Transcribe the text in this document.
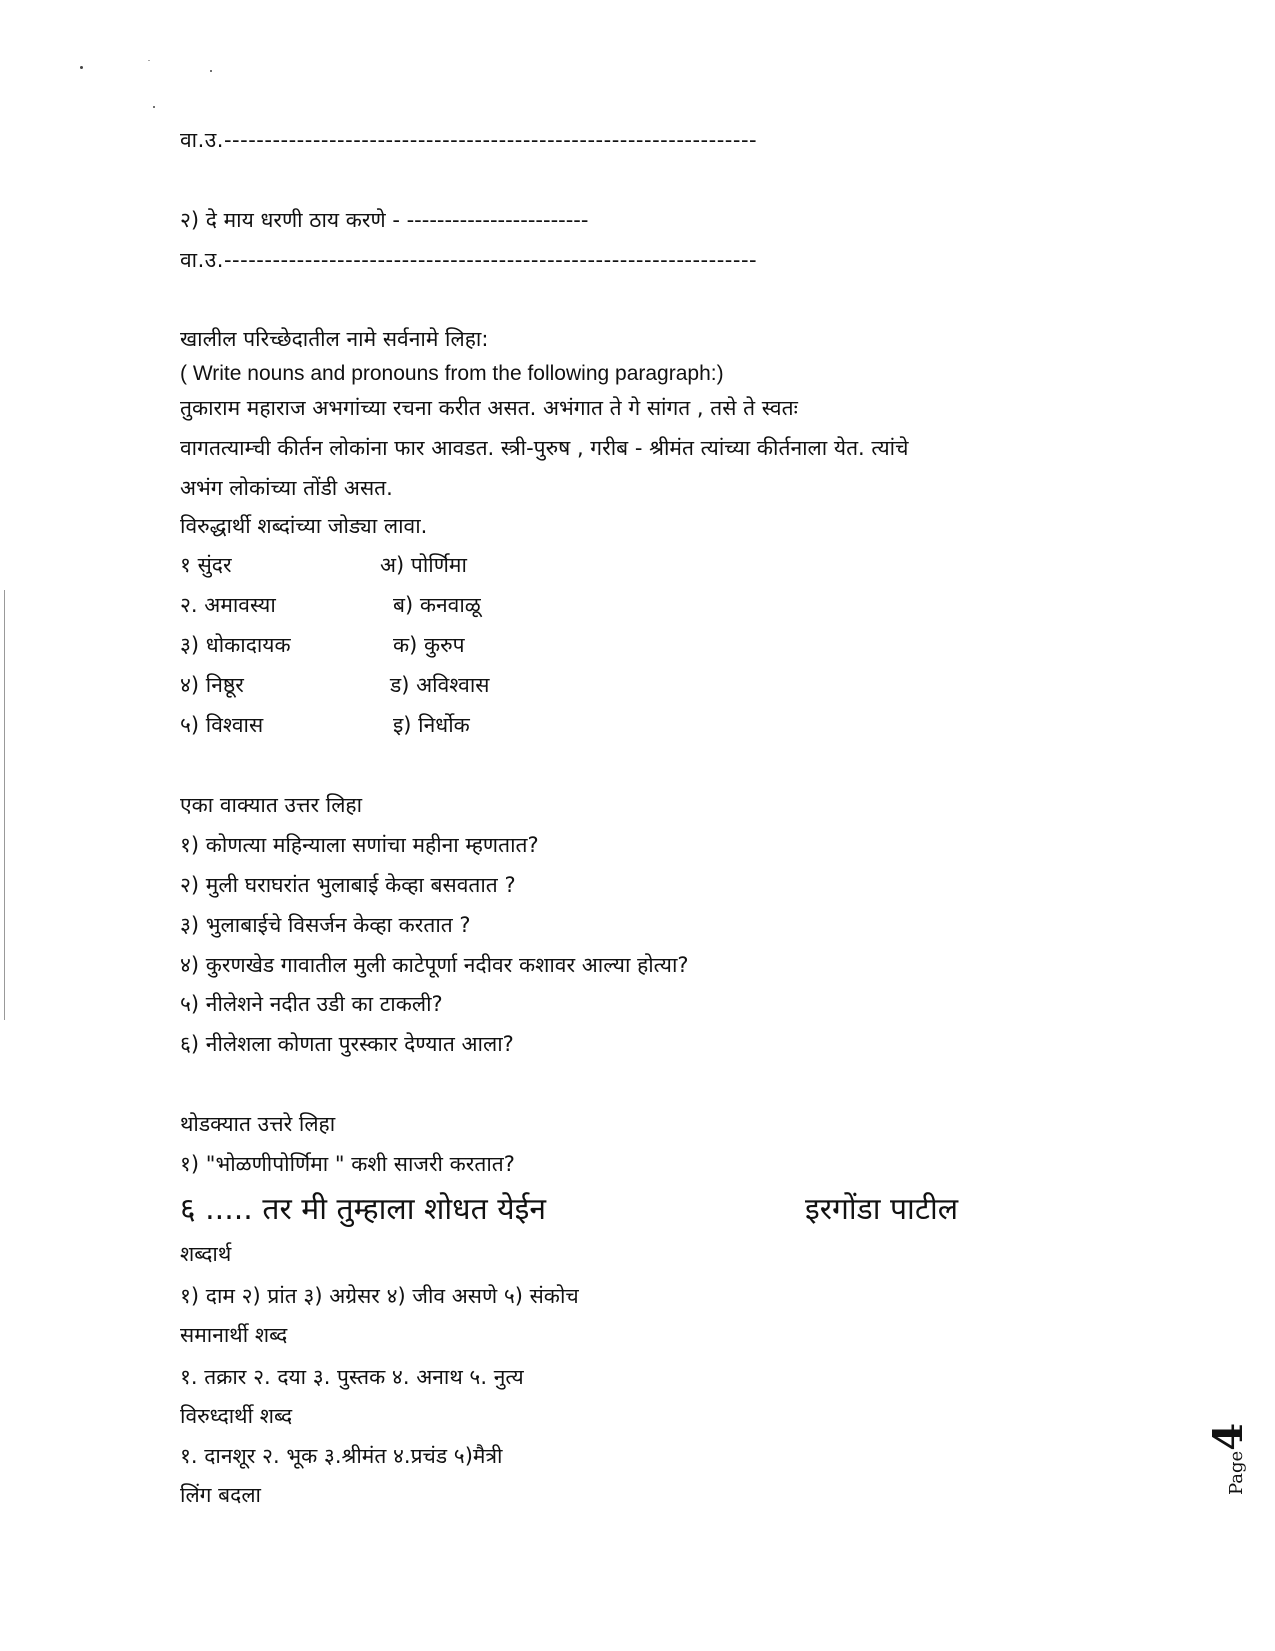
वा.उ.------------------------------------------------------------------
२) दे माय धरणी ठाय करणे - ------------------------
वा.उ.------------------------------------------------------------------
खालील परिच्छेदातील नामे सर्वनामे लिहा:
( Write nouns and pronouns from the following paragraph:)
तुकाराम महाराज अभगांच्या रचना करीत असत. अभंगात ते गे सांगत , तसे ते स्वतः
वागतत्याम्ची कीर्तन लोकांना फार आवडत. स्त्री-पुरुष , गरीब - श्रीमंत त्यांच्या कीर्तनाला येत. त्यांचे
अभंग लोकांच्या तोंडी असत.
विरुद्धार्थी शब्दांच्या जोड्या लावा.
१ सुंदर	अ) पोर्णिमा
२. अमावस्या	ब) कनवाळू
३) धोकादायक	क) कुरुप
४) निष्ठूर	ड) अविश्वास
५) विश्वास	इ) निर्धोक
एका वाक्यात उत्तर लिहा
१) कोणत्या महिन्याला सणांचा महीना म्हणतात?
२) मुली घराघरांत भुलाबाई केव्हा बसवतात ?
३) भुलाबाईचे विसर्जन केव्हा करतात ?
४) कुरणखेड गावातील मुली काटेपूर्णा नदीवर कशावर आल्या होत्या?
५) नीलेशने नदीत उडी का टाकली?
६) नीलेशला कोणता पुरस्कार देण्यात आला?
थोडक्यात उत्तरे लिहा
१) "भोळणीपोर्णिमा " कशी साजरी करतात?
६ ..... तर मी तुम्हाला शोधत येईन	इरगोंडा पाटील
शब्दार्थ
१) दाम २) प्रांत ३) अग्रेसर ४) जीव असणे ५) संकोच
समानार्थी शब्द
१. तक्रार २. दया ३. पुस्तक ४. अनाथ ५. नुत्य
विरुध्दार्थी शब्द
१. दानशूर २. भूक ३.श्रीमंत ४.प्रचंड ५)मैत्री
लिंग बदला	Page4
